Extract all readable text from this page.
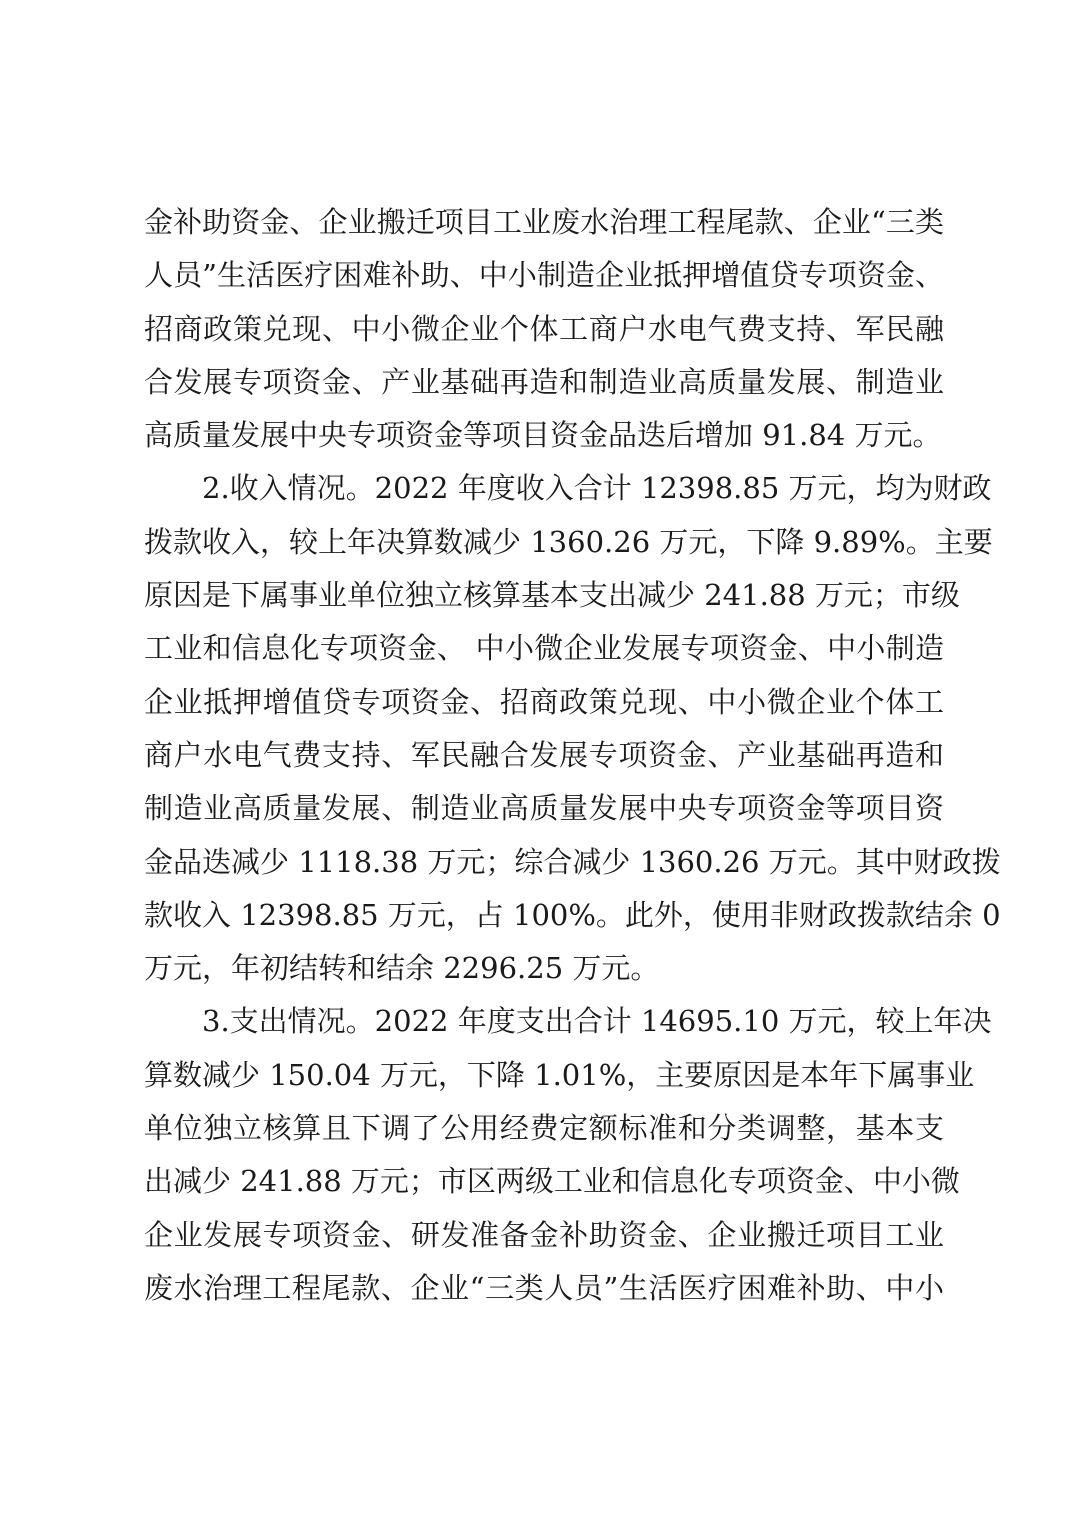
金补助资金、企业搬迁项目工业废水治理工程尾款、企业“三类
人员”生活医疗困难补助、中小制造企业抵押增值贷专项资金、
招商政策兑现、中小微企业个体工商户水电气费支持、军民融
合发展专项资金、产业基础再造和制造业高质量发展、制造业
高质量发展中央专项资金等项目资金品迭后增加 91.84 万元。
2.收入情况。2022 年度收入合计 12398.85 万元，均为财政
拨款收入，较上年决算数减少 1360.26 万元，下降 9.89%。主要
原因是下属事业单位独立核算基本支出减少 241.88 万元；市级
工业和信息化专项资金、 中小微企业发展专项资金、中小制造
企业抵押增值贷专项资金、招商政策兑现、中小微企业个体工
商户水电气费支持、军民融合发展专项资金、产业基础再造和
制造业高质量发展、制造业高质量发展中央专项资金等项目资
金品迭减少 1118.38 万元；综合减少 1360.26 万元。其中财政拨
款收入 12398.85 万元，占 100%。此外，使用非财政拨款结余 0
万元，年初结转和结余 2296.25 万元。
3.支出情况。2022 年度支出合计 14695.10 万元，较上年决
算数减少 150.04 万元，下降 1.01%，主要原因是本年下属事业
单位独立核算且下调了公用经费定额标准和分类调整，基本支
出减少 241.88 万元；市区两级工业和信息化专项资金、中小微
企业发展专项资金、研发准备金补助资金、企业搬迁项目工业
废水治理工程尾款、企业“三类人员”生活医疗困难补助、中小
